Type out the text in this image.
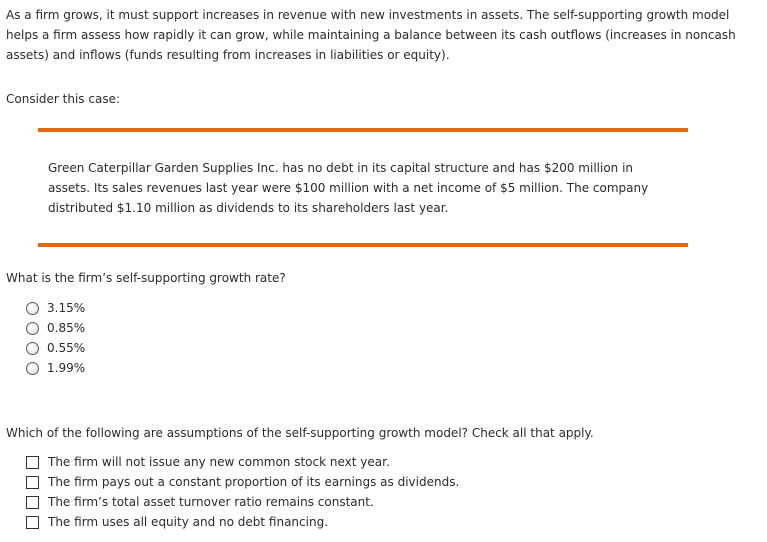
As a firm grows, it must support increases in revenue with new investments in assets. The self-supporting growth model helps a firm assess how rapidly it can grow, while maintaining a balance between its cash outflows (increases in noncash assets) and inflows (funds resulting from increases in liabilities or equity).
Consider this case:
Green Caterpillar Garden Supplies Inc. has no debt in its capital structure and has $200 million in assets. Its sales revenues last year were $100 million with a net income of $5 million. The company distributed $1.10 million as dividends to its shareholders last year.
What is the firm’s self-supporting growth rate?
3.15%
0.85%
0.55%
1.99%
Which of the following are assumptions of the self-supporting growth model? Check all that apply.
The firm will not issue any new common stock next year.
The firm pays out a constant proportion of its earnings as dividends.
The firm’s total asset turnover ratio remains constant.
The firm uses all equity and no debt financing.
